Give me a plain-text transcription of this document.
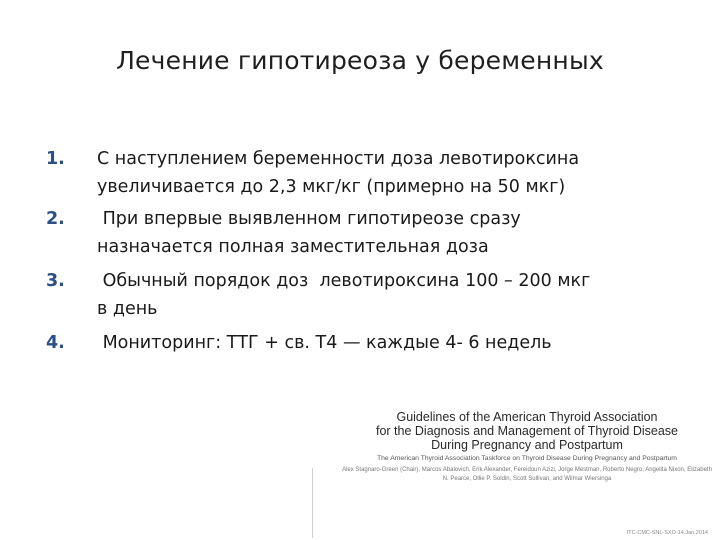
Лечение гипотиреоза у беременных
1.	С наступлением беременности доза левотироксина
увеличивается до 2,3 мкг/кг (примерно на 50 мкг)
2.	При впервые выявленном гипотиреозе сразу
назначается полная заместительная доза
3.	Обычный порядок доз  левотироксина 100 – 200 мкг
в день
4.	Мониторинг: ТТГ + св. Т4 — каждые 4- 6 недель
Guidelines of the American Thyroid Association
for the Diagnosis and Management of Thyroid Disease
During Pregnancy and Postpartum
The American Thyroid Association Taskforce on Thyroid Disease During Pregnancy and Postpartum
Alex Stagnaro-Green (Chair), Marcos Abalovich, Erik Alexander, Fereidoun Azizi, Jorge Mestman, Roberto Negro, Angelita Nixon, Elizabeth N. Pearce, Ollie P. Soldin, Scott Sullivan, and Wilmar Wiersinga
ITC-CMC-SNL-SXO-14.Jan.2014
